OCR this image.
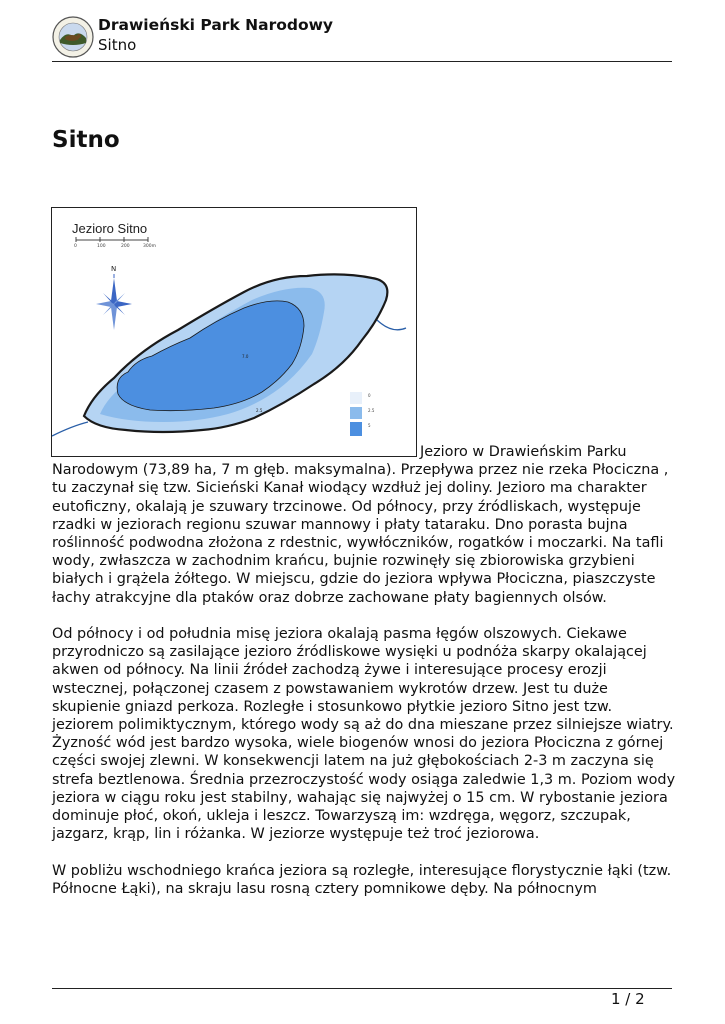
Drawieński Park Narodowy
Sitno
Sitno
Jezioro Sitno
0	100	200	300m
N
7.0
2.5
0
2.5
5

Jezioro w Drawieńskim Parku Narodowym (73,89 ha, 7 m głęb. maksymalna). Przepływa przez nie rzeka Płociczna , tu zaczynał się tzw. Sicieński Kanał wiodący wzdłuż jej doliny. Jezioro ma charakter eutoficzny, okalają je szuwary trzcinowe. Od północy, przy źródliskach, występuje rzadki w jeziorach regionu szuwar mannowy i płaty tataraku. Dno porasta bujna roślinność podwodna złożona z rdestnic, wywłóczników, rogatków i moczarki. Na tafli wody, zwłaszcza w zachodnim krańcu, bujnie rozwinęły się zbiorowiska grzybieni białych i grążela żółtego. W miejscu, gdzie do jeziora wpływa Płociczna, piaszczyste łachy atrakcyjne dla ptaków oraz dobrze zachowane płaty bagiennych olsów.

Od północy i od południa misę jeziora okalają pasma łęgów olszowych. Ciekawe przyrodniczo są zasilające jezioro źródliskowe wysięki u podnóża skarpy okalającej akwen od północy. Na linii źródeł zachodzą żywe i interesujące procesy erozji wstecznej, połączonej czasem z powstawaniem wykrotów drzew. Jest tu duże skupienie gniazd perkoza. Rozległe i stosunkowo płytkie jezioro Sitno jest tzw. jeziorem polimiktycznym, którego wody są aż do dna mieszane przez silniejsze wiatry. Żyzność wód jest bardzo wysoka, wiele biogenów wnosi do jeziora Płociczna z górnej części swojej zlewni. W konsekwencji latem na już głębokościach 2-3 m zaczyna się strefa beztlenowa. Średnia przezroczystość wody osiąga zaledwie 1,3 m. Poziom wody jeziora w ciągu roku jest stabilny, wahając się najwyżej o 15 cm. W rybostanie jeziora dominuje płoć, okoń, ukleja i leszcz. Towarzyszą im: wzdręga, węgorz, szczupak, jazgarz, krąp, lin i różanka. W jeziorze występuje też troć jeziorowa.

W pobliżu wschodniego krańca jeziora są rozległe, interesujące florystycznie łąki (tzw. Północne Łąki), na skraju lasu rosną cztery pomnikowe dęby. Na północnym

1 / 2
